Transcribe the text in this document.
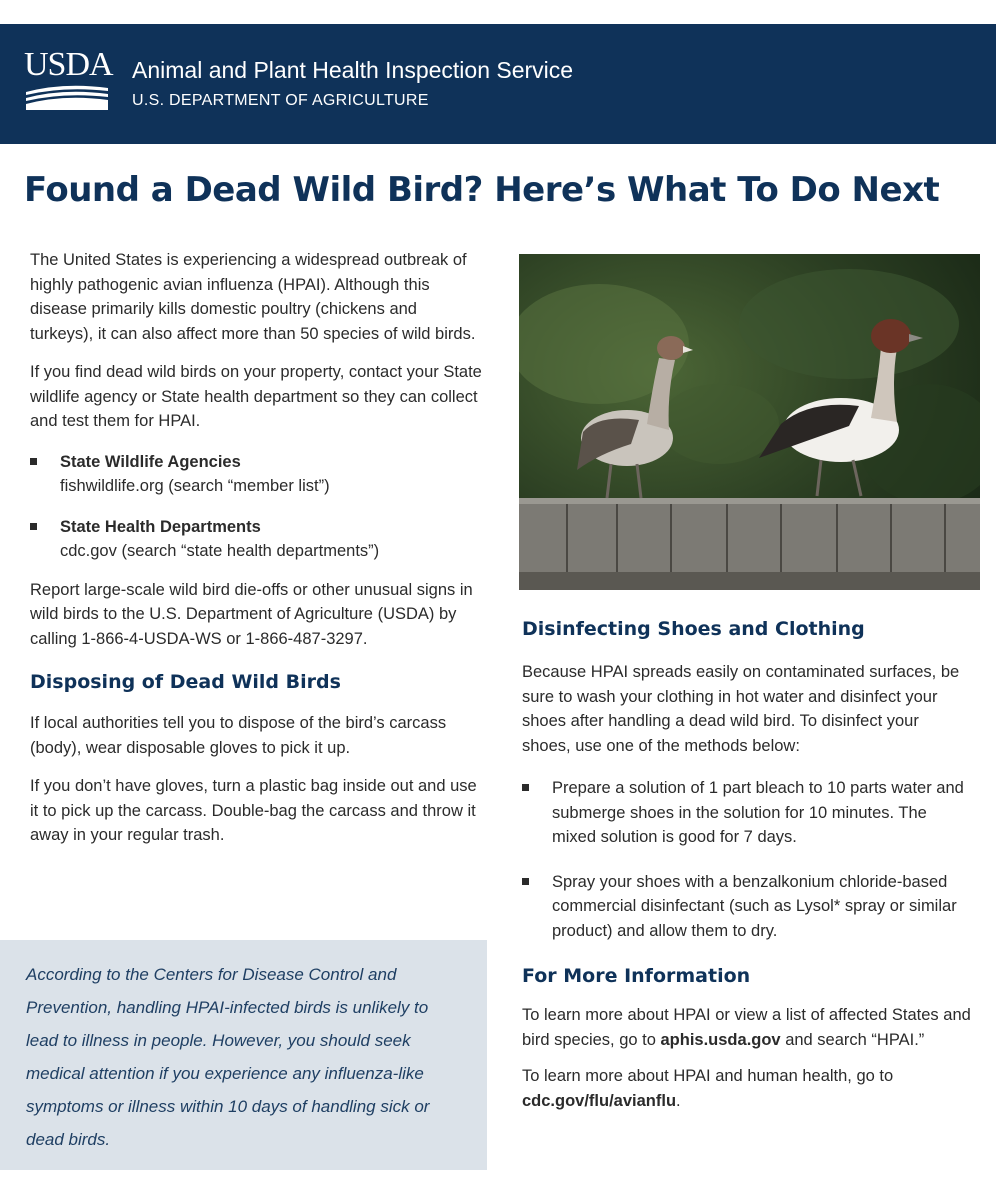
USDA Animal and Plant Health Inspection Service
U.S. DEPARTMENT OF AGRICULTURE
Found a Dead Wild Bird? Here’s What To Do Next

The United States is experiencing a widespread outbreak of highly pathogenic avian influenza (HPAI). Although this disease primarily kills domestic poultry (chickens and turkeys), it can also affect more than 50 species of wild birds.

If you find dead wild birds on your property, contact your State wildlife agency or State health department so they can collect and test them for HPAI.

State Wildlife Agencies

fishwildlife.org (search “member list”)

State Health Departments

cdc.gov (search “state health departments”)

Report large-scale wild bird die-offs or other unusual signs in wild birds to the U.S. Department of Agriculture (USDA) by calling 1-866-4-USDA-WS or 1-866-487-3297.

Disposing of Dead Wild Birds

If local authorities tell you to dispose of the bird’s carcass (body), wear disposable gloves to pick it up.

If you don’t have gloves, turn a plastic bag inside out and use it to pick up the carcass. Double-bag the carcass and throw it away in your regular trash.

Disinfecting Shoes and Clothing

Because HPAI spreads easily on contaminated surfaces, be sure to wash your clothing in hot water and disinfect your shoes after handling a dead wild bird. To disinfect your shoes, use one of the methods below:

Prepare a solution of 1 part bleach to 10 parts water and submerge shoes in the solution for 10 minutes. The mixed solution is good for 7 days.

Spray your shoes with a benzalkonium chloride-based commercial disinfectant (such as Lysol* spray or similar product) and allow them to dry.

For More Information

To learn more about HPAI or view a list of affected States and bird species, go to aphis.usda.gov and search “HPAI.”

To learn more about HPAI and human health, go to cdc.gov/flu/avianflu.

According to the Centers for Disease Control and Prevention, handling HPAI-infected birds is unlikely to lead to illness in people. However, you should seek medical attention if you experience any influenza-like symptoms or illness within 10 days of handling sick or dead birds.
